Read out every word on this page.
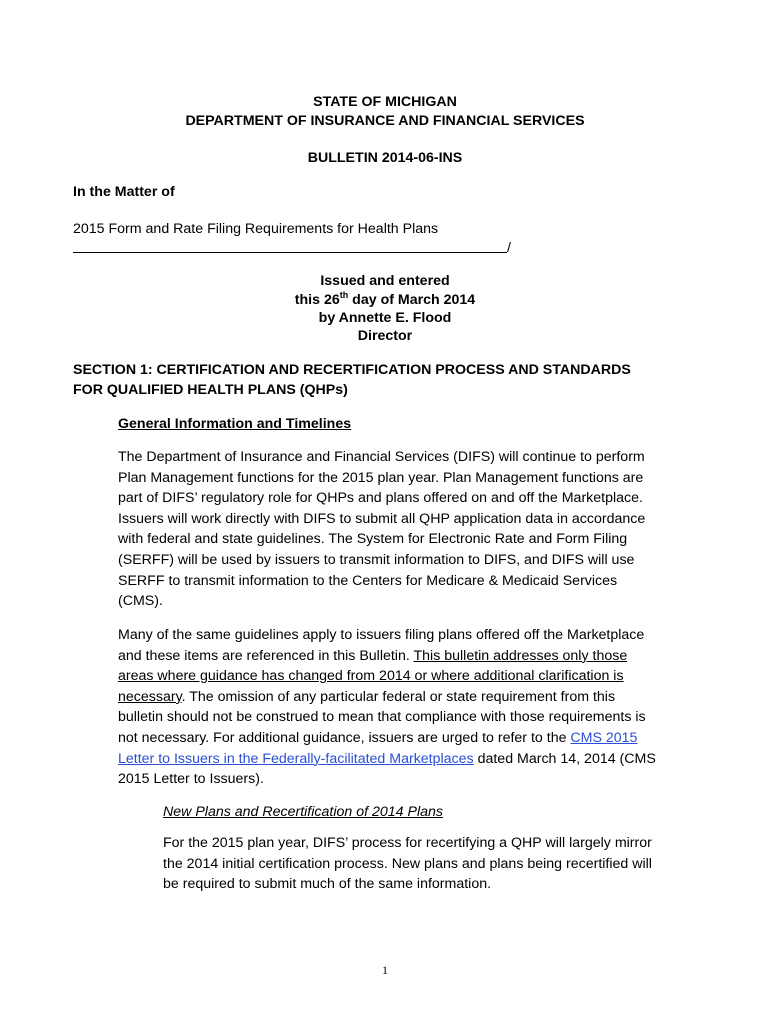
STATE OF MICHIGAN
DEPARTMENT OF INSURANCE AND FINANCIAL SERVICES
BULLETIN 2014-06-INS
In the Matter of
2015 Form and Rate Filing Requirements for Health Plans
/
Issued and entered
this 26th day of March 2014
by Annette E. Flood
Director
SECTION 1: CERTIFICATION AND RECERTIFICATION PROCESS AND STANDARDS
FOR QUALIFIED HEALTH PLANS (QHPs)
General Information and Timelines
The Department of Insurance and Financial Services (DIFS) will continue to perform
Plan Management functions for the 2015 plan year. Plan Management functions are
part of DIFS’ regulatory role for QHPs and plans offered on and off the Marketplace.
Issuers will work directly with DIFS to submit all QHP application data in accordance
with federal and state guidelines. The System for Electronic Rate and Form Filing
(SERFF) will be used by issuers to transmit information to DIFS, and DIFS will use
SERFF to transmit information to the Centers for Medicare & Medicaid Services
(CMS).
Many of the same guidelines apply to issuers filing plans offered off the Marketplace
and these items are referenced in this Bulletin. This bulletin addresses only those
areas where guidance has changed from 2014 or where additional clarification is
necessary. The omission of any particular federal or state requirement from this
bulletin should not be construed to mean that compliance with those requirements is
not necessary. For additional guidance, issuers are urged to refer to the CMS 2015
Letter to Issuers in the Federally-facilitated Marketplaces dated March 14, 2014 (CMS
2015 Letter to Issuers).
New Plans and Recertification of 2014 Plans
For the 2015 plan year, DIFS’ process for recertifying a QHP will largely mirror
the 2014 initial certification process. New plans and plans being recertified will
be required to submit much of the same information.
1
